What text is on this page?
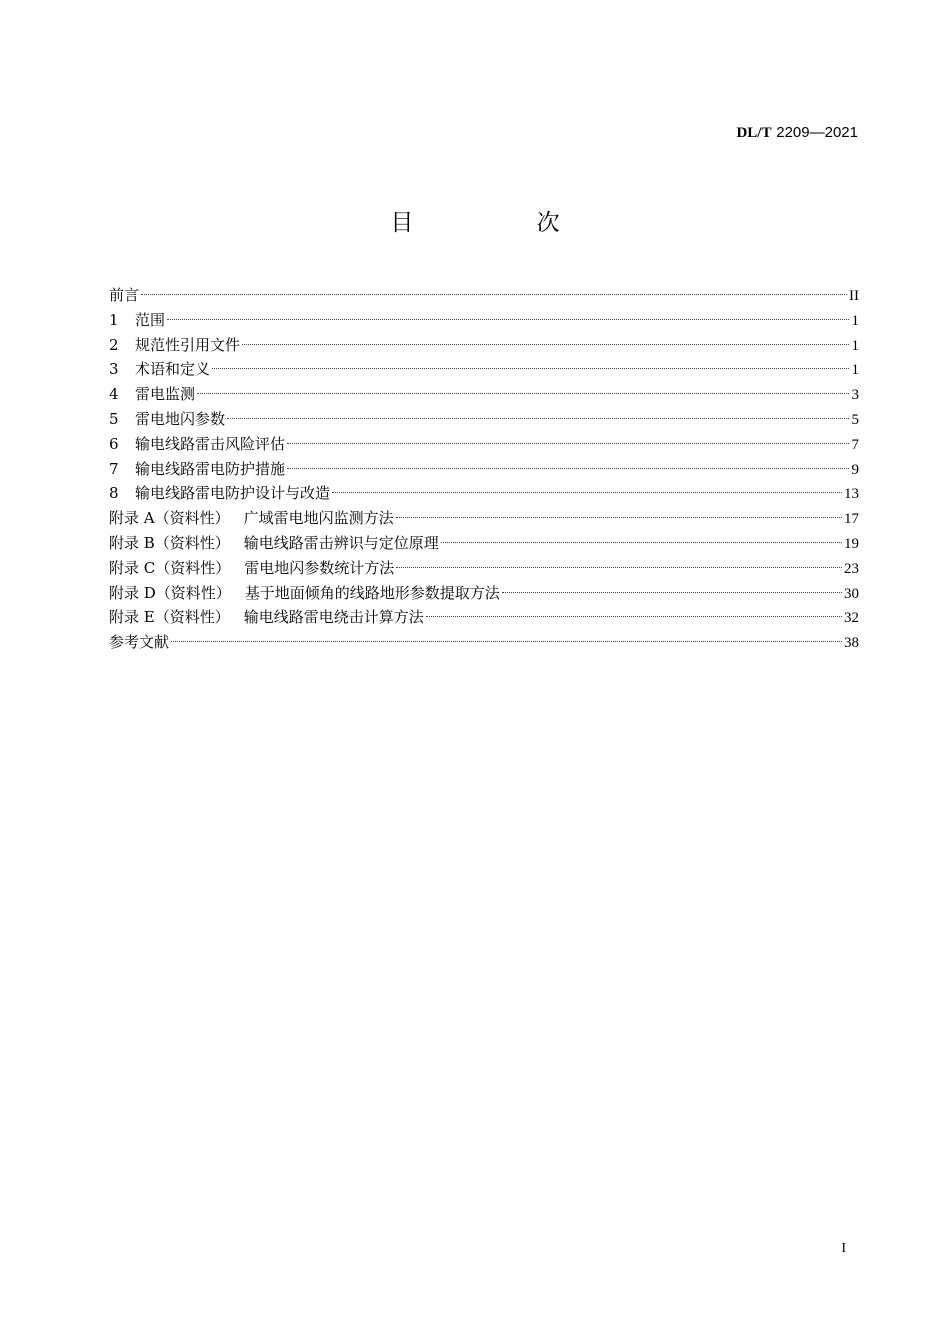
DL/T 2209—2021
目 次
前言	II
1	范围	1
2	规范性引用文件	1
3	术语和定义	1
4	雷电监测	3
5	雷电地闪参数	5
6	输电线路雷击风险评估	7
7	输电线路雷电防护措施	9
8	输电线路雷电防护设计与改造	13
附录 A（资料性） 广域雷电地闪监测方法	17
附录 B（资料性） 输电线路雷击辨识与定位原理	19
附录 C（资料性） 雷电地闪参数统计方法	23
附录 D（资料性） 基于地面倾角的线路地形参数提取方法	30
附录 E（资料性） 输电线路雷电绕击计算方法	32
参考文献	38
I
